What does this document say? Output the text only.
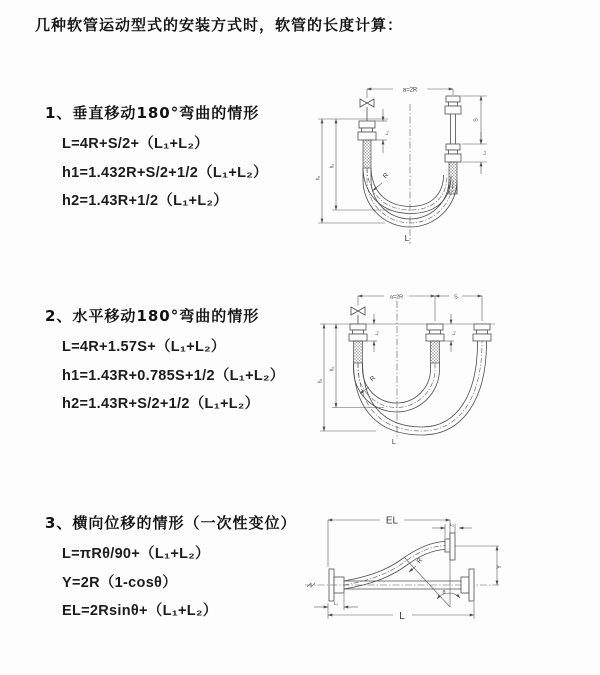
几种软管运动型式的安装方式时，软管的长度计算：
1、垂直移动180°弯曲的情形
L=4R+S/2+（L₁+L₂）
h1=1.432R+S/2+1/2（L₁+L₂）
h2=1.43R+1/2（L₁+L₂）
a=2R
L₁
S
L₂
h₁
h₂
R
L
2、水平移动180°弯曲的情形
L=4R+1.57S+（L₁+L₂）
h1=1.43R+0.785S+1/2（L₁+L₂）
h2=1.43R+S/2+1/2（L₁+L₂）
a=2R	S
L₁	L₂
h₁
h₂
R
L
3、横向位移的情形（一次性变位）
L=πRθ/90+（L₁+L₂）
Y=2R（1-cosθ）
EL=2Rsinθ+（L₁+L₂）
EL	L₂
R
θ
Y
L
L₁
